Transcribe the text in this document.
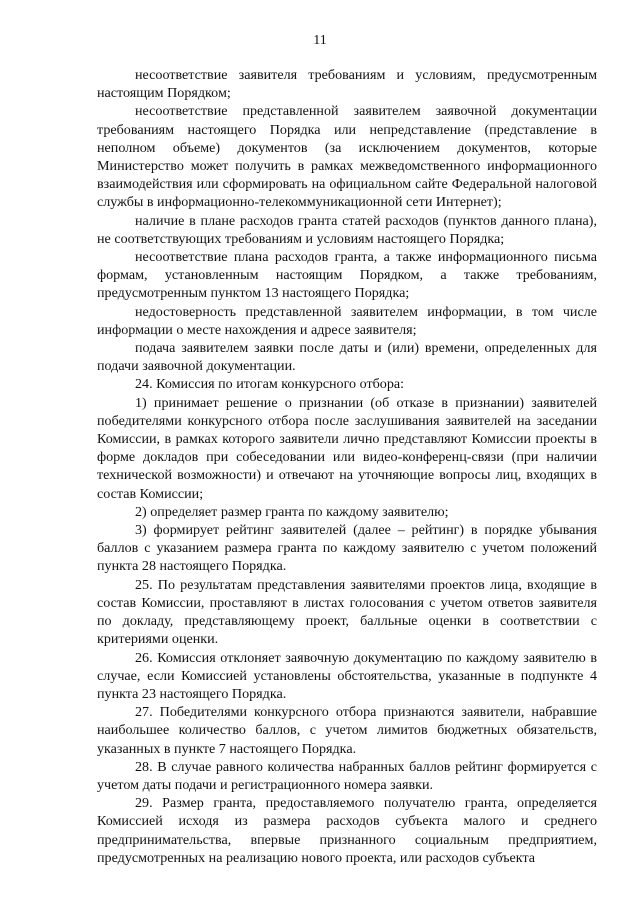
11

несоответствие заявителя требованиям и условиям, предусмотренным настоящим Порядком;

несоответствие представленной заявителем заявочной документации требованиям настоящего Порядка или непредставление (представление в неполном объеме) документов (за исключением документов, которые Министерство может получить в рамках межведомственного информационного взаимодействия или сформировать на официальном сайте Федеральной налоговой службы в информационно-телекоммуникационной сети Интернет);

наличие в плане расходов гранта статей расходов (пунктов данного плана), не соответствующих требованиям и условиям настоящего Порядка;

несоответствие плана расходов гранта, а также информационного письма формам, установленным настоящим Порядком, а также требованиям, предусмотренным пунктом 13 настоящего Порядка;

недостоверность представленной заявителем информации, в том числе информации о месте нахождения и адресе заявителя;

подача заявителем заявки после даты и (или) времени, определенных для подачи заявочной документации.

24. Комиссия по итогам конкурсного отбора:

1) принимает решение о признании (об отказе в признании) заявителей победителями конкурсного отбора после заслушивания заявителей на заседании Комиссии, в рамках которого заявители лично представляют Комиссии проекты в форме докладов при собеседовании или видео-конференц-связи (при наличии технической возможности) и отвечают на уточняющие вопросы лиц, входящих в состав Комиссии;

2) определяет размер гранта по каждому заявителю;

3) формирует рейтинг заявителей (далее – рейтинг) в порядке убывания баллов с указанием размера гранта по каждому заявителю с учетом положений пункта 28 настоящего Порядка.

25. По результатам представления заявителями проектов лица, входящие в состав Комиссии, проставляют в листах голосования с учетом ответов заявителя по докладу, представляющему проект, балльные оценки в соответствии с критериями оценки.

26. Комиссия отклоняет заявочную документацию по каждому заявителю в случае, если Комиссией установлены обстоятельства, указанные в подпункте 4 пункта 23 настоящего Порядка.

27. Победителями конкурсного отбора признаются заявители, набравшие наибольшее количество баллов, с учетом лимитов бюджетных обязательств, указанных в пункте 7 настоящего Порядка.

28. В случае равного количества набранных баллов рейтинг формируется с учетом даты подачи и регистрационного номера заявки.

29. Размер гранта, предоставляемого получателю гранта, определяется Комиссией исходя из размера расходов субъекта малого и среднего предпринимательства, впервые признанного социальным предприятием, предусмотренных на реализацию нового проекта, или расходов субъекта
